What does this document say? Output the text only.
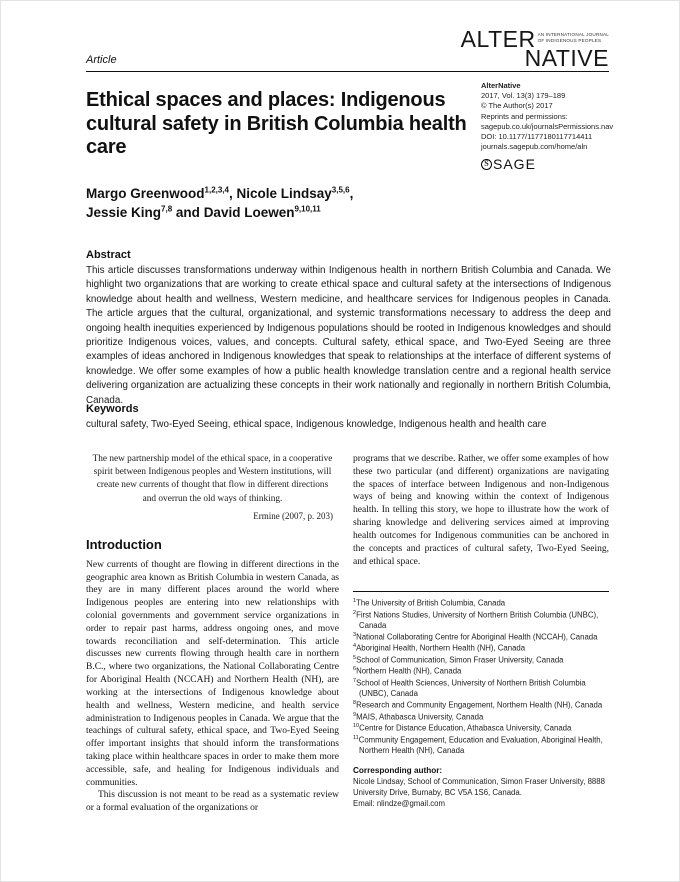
Article
ALTER AN INTERNATIONAL JOURNAL
OF INDIGENOUS PEOPLES
NATIVE
Ethical spaces and places: Indigenous cultural safety in British Columbia health care
AlterNative
2017, Vol. 13(3) 179–189
© The Author(s) 2017
Reprints and permissions:
sagepub.co.uk/journalsPermissions.nav
DOI: 10.1177/1177180117714411
journals.sagepub.com/home/aln
S SAGE
Margo Greenwood$^{1,2,3,4}$, Nicole Lindsay$^{3,5,6}$,
Jessie King$^{7,8}$ and David Loewen$^{9,10,11}$
Abstract
This article discusses transformations underway within Indigenous health in northern British Columbia and Canada. We highlight two organizations that are working to create ethical space and cultural safety at the intersections of Indigenous knowledge about health and wellness, Western medicine, and healthcare services for Indigenous peoples in Canada. The article argues that the cultural, organizational, and systemic transformations necessary to address the deep and ongoing health inequities experienced by Indigenous populations should be rooted in Indigenous knowledges and should prioritize Indigenous voices, values, and concepts. Cultural safety, ethical space, and Two-Eyed Seeing are three examples of ideas anchored in Indigenous knowledges that speak to relationships at the interface of different systems of knowledge. We offer some examples of how a public health knowledge translation centre and a regional health service delivering organization are actualizing these concepts in their work nationally and regionally in northern British Columbia, Canada.
Keywords
cultural safety, Two-Eyed Seeing, ethical space, Indigenous knowledge, Indigenous health and health care
The new partnership model of the ethical space, in a cooperative spirit between Indigenous peoples and Western institutions, will create new currents of thought that flow in different directions and overrun the old ways of thinking.
Ermine (2007, p. 203)
Introduction
New currents of thought are flowing in different directions in the geographic area known as British Columbia in western Canada, as they are in many different places around the world where Indigenous peoples are entering into new relationships with colonial governments and government service organizations in order to repair past harms, address ongoing ones, and move towards reconciliation and self-determination. This article discusses new currents flowing through health care in northern B.C., where two organizations, the National Collaborating Centre for Aboriginal Health (NCCAH) and Northern Health (NH), are working at the intersections of Indigenous knowledge about health and wellness, Western medicine, and health service administration to Indigenous peoples in Canada. We argue that the teachings of cultural safety, ethical space, and Two-Eyed Seeing offer important insights that should inform the transformations taking place within healthcare spaces in order to make them more accessible, safe, and healing for Indigenous individuals and communities.
This discussion is not meant to be read as a systematic review or a formal evaluation of the organizations or
programs that we describe. Rather, we offer some examples of how these two particular (and different) organizations are navigating the spaces of interface between Indigenous and non-Indigenous ways of being and knowing within the context of Indigenous health. In telling this story, we hope to illustrate how the work of sharing knowledge and delivering services aimed at improving health outcomes for Indigenous communities can be anchored in the concepts and practices of cultural safety, Two-Eyed Seeing, and ethical space.
$^1$The University of British Columbia, Canada
$^2$First Nations Studies, University of Northern British Columbia (UNBC), Canada
$^3$National Collaborating Centre for Aboriginal Health (NCCAH), Canada
$^4$Aboriginal Health, Northern Health (NH), Canada
$^5$School of Communication, Simon Fraser University, Canada
$^6$Northern Health (NH), Canada
$^7$School of Health Sciences, University of Northern British Columbia (UNBC), Canada
$^8$Research and Community Engagement, Northern Health (NH), Canada
$^9$MAIS, Athabasca University, Canada
$^{10}$Centre for Distance Education, Athabasca University, Canada
$^{11}$Community Engagement, Education and Evaluation, Aboriginal Health, Northern Health (NH), Canada
Corresponding author:
Nicole Lindsay, School of Communication, Simon Fraser University, 8888 University Drive, Burnaby, BC V5A 1S6, Canada.
Email: nlindze@gmail.com
